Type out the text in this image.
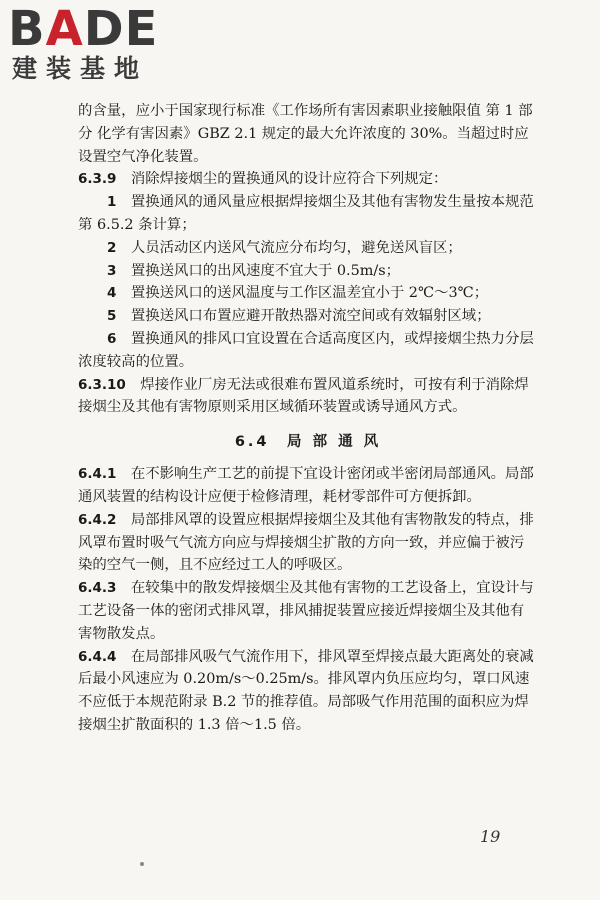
BADE
建装基地

的含量，应小于国家现行标准《工作场所有害因素职业接触限值 第 1 部分 化学有害因素》GBZ 2.1 规定的最大允许浓度的 30%。当超过时应设置空气净化装置。

6.3.9　 消除焊接烟尘的置换通风的设计应符合下列规定：

1　 置换通风的通风量应根据焊接烟尘及其他有害物发生量按本规范第 6.5.2 条计算；

2　 人员活动区内送风气流应分布均匀，避免送风盲区；

3　 置换送风口的出风速度不宜大于 0.5m/s；

4　 置换送风口的送风温度与工作区温差宜小于 2℃～3℃；

5　 置换送风口布置应避开散热器对流空间或有效辐射区域；

6　 置换通风的排风口宜设置在合适高度区内，或焊接烟尘热力分层浓度较高的位置。

6.3.10　 焊接作业厂房无法或很难布置风道系统时，可按有利于消除焊接烟尘及其他有害物原则采用区域循环装置或诱导通风方式。

6.4　 局 部 通 风

6.4.1　 在不影响生产工艺的前提下宜设计密闭或半密闭局部通风。局部通风装置的结构设计应便于检修清理，耗材零部件可方便拆卸。

6.4.2　 局部排风罩的设置应根据焊接烟尘及其他有害物散发的特点，排风罩布置时吸气气流方向应与焊接烟尘扩散的方向一致，并应偏于被污染的空气一侧，且不应经过工人的呼吸区。

6.4.3　 在较集中的散发焊接烟尘及其他有害物的工艺设备上，宜设计与工艺设备一体的密闭式排风罩，排风捕捉装置应接近焊接烟尘及其他有害物散发点。

6.4.4　 在局部排风吸气气流作用下，排风罩至焊接点最大距离处的衰减后最小风速应为 0.20m/s～0.25m/s。排风罩内负压应均匀，罩口风速不应低于本规范附录 B.2 节的推荐值。局部吸气作用范围的面积应为焊接烟尘扩散面积的 1.3 倍～1.5 倍。

19
